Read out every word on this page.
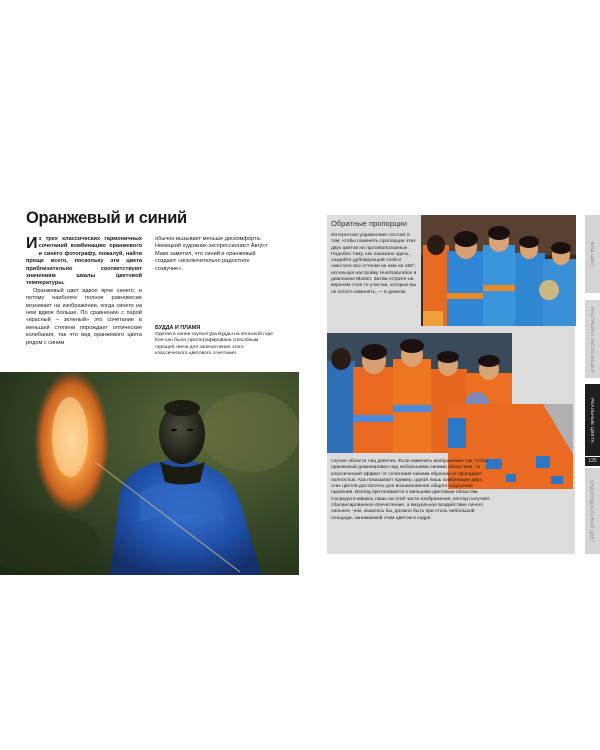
Оранжевый и синий

Из трех классических гармоничных сочетаний комбинацию оранжевого и синего фотографу, пожалуй, найти проще всего, поскольку эти цвета приблизительно соответствуют значениям шкалы цветовой температуры.

Оранжевый цвет вдвое ярче синего, и потому наиболее полное равновесие возникает на изображении, когда синего на нем вдвое больше. По сравнению с парой «красный – зеленый» это сочетание в меньшей степени порождает оптические колебания, так что вид оранжевого цвета рядом с синим

обычно вызывает меньше дискомфорта. Немецкий художник-экспрессионист Август Маке заметил, что синий и оранжевый создают «исключительно радостное созвучие».
БУДДА И ПЛАМЯ
Одетая в синее скульптура Будды на японской горе Кое-сан была сфотографирована способным горящей свечи для запечатления этого классического цветового сочетания.
Обратные пропорции
Интересное упражнение состоит в том, чтобы поменять пропорции этих двух цветов на противоположные. Подобно тому, как показано здесь, создайте дублирующий слой и сместите все оттенки на нем на 180°, используя настройку Hue/Saturation в диапазоне Master. Затем сотрите на верхнем слое те участки, которые вы не хотите изменять, — в данном
случае области лиц девочек. Если изменить изображение так, чтобы оранжевый доминировал над небольшими синими областями, то классический эффект от сочетания никоим образом не пропадает полностью. Как показывает пример, одной лишь комбинации двух этих цветов достаточно для возникновения общего ощущения гармонии. Взгляд притягивается к меньшим цветовым областям. Сосредоточиваясь лишь на этой части изображения, взгляд получает сбалансированное впечатление, а визуальное воздействие синего сильнее, чем, казалось бы, должно быть при столь небольшой площади, занимаемой этим цветом в кадре.
ВАШ ЦВЕТ
НАСТРОЙКА ЭКСПОЗИЦИИ
РЕАЛЬНЫЕ ЦВЕТА
125
ИНДИВИДУАЛЬНЫЙ ЦВЕТ
